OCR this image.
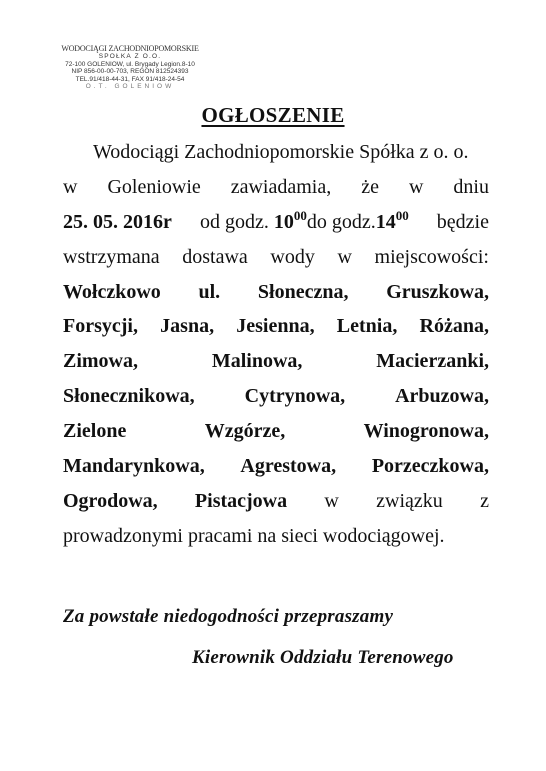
WODOCIĄGI ZACHODNIOPOMORSKIE
SPÓŁKA Z O.O.
72-100 GOLENIÓW, ul. Brygady Legion.8-10
NIP 856-00-00-703, REGON 812524393
TEL.91/418-44-31, FAX 91/418-24-54
O.T. GOLENIÓW
OGŁOSZENIE
Wodociągi Zachodniopomorskie Spółka z o. o.
w Goleniowie zawiadamia, że w dniu
25. 05. 2016r od godz. $10^{00}do$ $godz.14^{00}$ będzie
wstrzymana dostawa wody w miejscowości:
Wołczkowo ul. Słoneczna, Gruszkowa,
Forsycji, Jasna, Jesienna, Letnia, Różana,
Zimowa,	Malinowa,	Macierzanki,
Słonecznikowa, Cytrynowa, Arbuzowa,
Zielone	Wzgórze,	Winogronowa,
Mandarynkowa, Agrestowa, Porzeczkowa,
Ogrodowa, Pistacjowa w związku z
prowadzonymi pracami na sieci wodociągowej.
Za powstałe niedogodności przepraszamy
Kierownik Oddziału Terenowego
